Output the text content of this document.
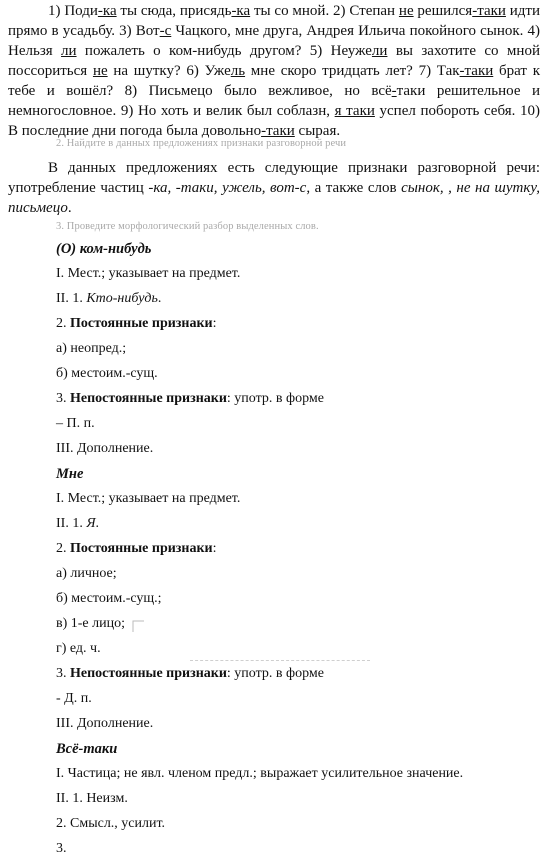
1) Поди-ка ты сюда, присядь-ка ты со мной. 2) Степан не решился-таки идти прямо в усадьбу. 3) Вот-с Чацкого, мне друга, Андрея Ильича покойного сынок. 4) Нельзя ли пожалеть о ком-нибудь другом? 5) Неужели вы захотите со мной поссориться не на шутку? 6) Ужель мне скоро тридцать лет? 7) Так-таки брат к тебе и вошёл? 8) Письмецо было вежливое, но всё-таки решительное и немногословное. 9) Но хоть и велик был соблазн, я таки успел побороть себя. 10) В последние дни погода была довольно-таки сырая.

2. Найдите в данных предложениях признаки разговорной речи

В данных предложениях есть следующие признаки разговорной речи: употребление частиц -ка, -таки, ужель, вот-с, а также слов сынок, , не на шутку, письмецо.

3. Проведите морфологический разбор выделенных слов.
(О) ком-нибудь
I. Мест.; указывает на предмет.
II. 1. Кто-нибудь.
2. Постоянные признаки:
а) неопред.;
б) местоим.-сущ.
3. Непостоянные признаки: употр. в форме
– П. п.
III. Дополнение.
Мне
I. Мест.; указывает на предмет.
II. 1. Я.
2. Постоянные признаки:
а) личное;
б) местоим.-сущ.;
в) 1-е лицо;
г) ед. ч.
3. Непостоянные признаки: употр. в форме
- Д. п.
III. Дополнение.
Всё-таки
I. Частица; не явл. членом предл.; выражает усилительное значение.
II. 1. Неизм.
2. Смысл., усилит.
3.
